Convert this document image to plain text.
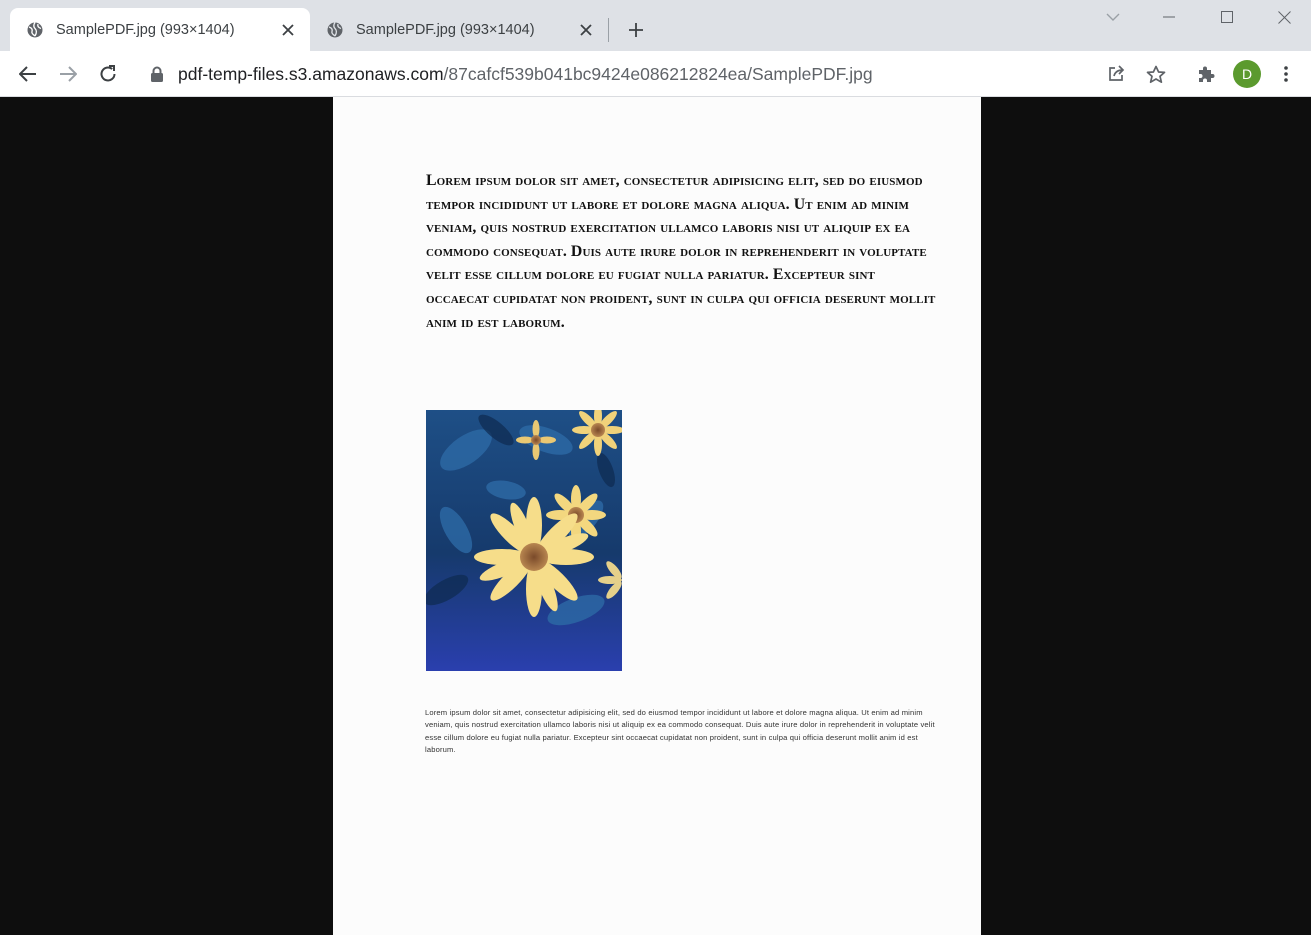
SamplePDF.jpg (993×1404)	SamplePDF.jpg (993×1404)
pdf-temp-files.s3.amazonaws.com/87cafcf539b041bc9424e086212824ea/SamplePDF.jpg	D
Lorem ipsum dolor sit amet, consectetur adipisicing elit, sed do eiusmod tempor incididunt ut labore et dolore magna aliqua. Ut enim ad minim veniam, quis nostrud exercitation ullamco laboris nisi ut aliquip ex ea commodo consequat. Duis aute irure dolor in reprehenderit in voluptate velit esse cillum dolore eu fugiat nulla pariatur. Excepteur sint occaecat cupidatat non proident, sunt in culpa qui officia deserunt mollit anim id est laborum.
Lorem ipsum dolor sit amet, consectetur adipisicing elit, sed do eiusmod tempor incididunt ut labore et dolore magna aliqua. Ut enim ad minim veniam, quis nostrud exercitation ullamco laboris nisi ut aliquip ex ea commodo consequat. Duis aute irure dolor in reprehenderit in voluptate velit esse cillum dolore eu fugiat nulla pariatur. Excepteur sint occaecat cupidatat non proident, sunt in culpa qui officia deserunt mollit anim id est laborum.
